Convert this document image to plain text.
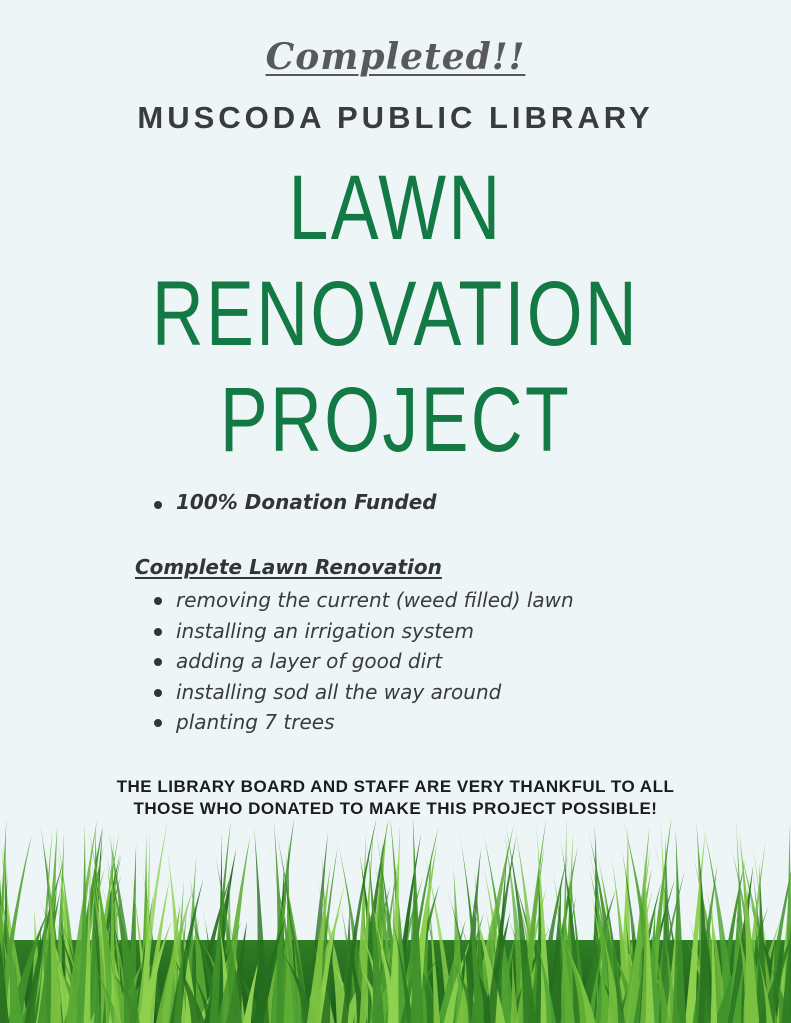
Completed!!
MUSCODA PUBLIC LIBRARY
LAWN
RENOVATION
PROJECT
100% Donation Funded
Complete Lawn Renovation
removing the current (weed filled) lawn
installing an irrigation system
adding a layer of good dirt
installing sod all the way around
planting 7 trees
THE LIBRARY BOARD AND STAFF ARE VERY THANKFUL TO ALL
THOSE WHO DONATED TO MAKE THIS PROJECT POSSIBLE!
